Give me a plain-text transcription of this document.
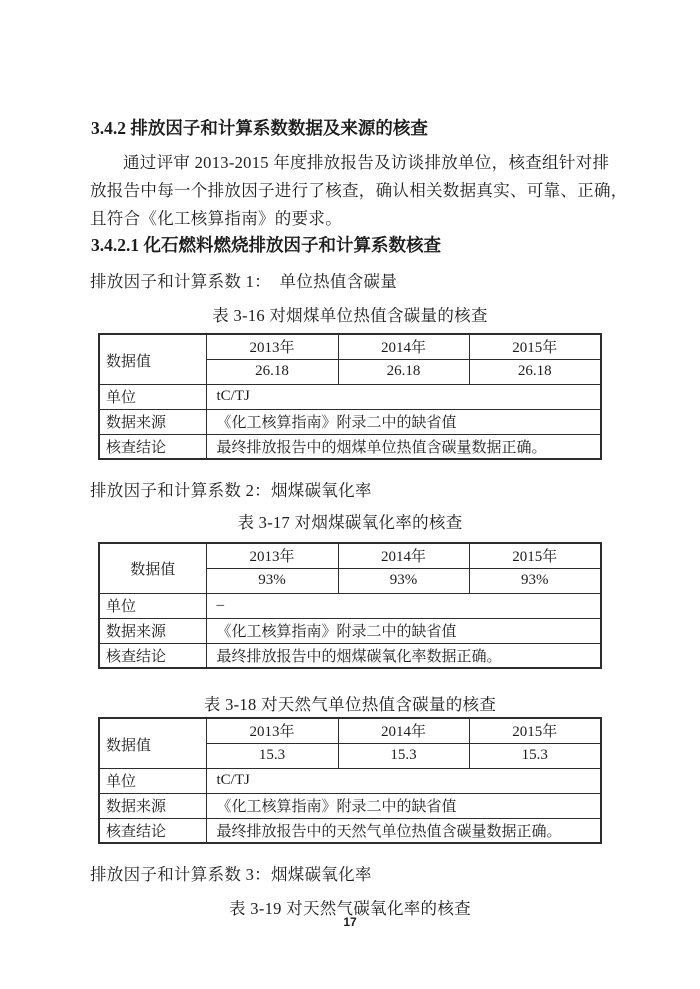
3.4.2 排放因子和计算系数数据及来源的核查
通过评审 2013-2015 年度排放报告及访谈排放单位，核查组针对排
放报告中每一个排放因子进行了核查，确认相关数据真实、可靠、正确，
且符合《化工核算指南》的要求。
3.4.2.1 化石燃料燃烧排放因子和计算系数核查
排放因子和计算系数 1：　单位热值含碳量
表 3-16 对烟煤单位热值含碳量的核查
数据值	2013年	2014年	2015年
	26.18	26.18	26.18
单位	tC/TJ		
数据来源	《化工核算指南》附录二中的缺省值		
核查结论	最终排放报告中的烟煤单位热值含碳量数据正确。		
排放因子和计算系数 2：烟煤碳氧化率
表 3-17 对烟煤碳氧化率的核查
数据值	2013年	2014年	2015年
	93%	93%	93%
单位	–		
数据来源	《化工核算指南》附录二中的缺省值		
核查结论	最终排放报告中的烟煤碳氧化率数据正确。		
表 3-18 对天然气单位热值含碳量的核查
数据值	2013年	2014年	2015年
	15.3	15.3	15.3
单位	tC/TJ		
数据来源	《化工核算指南》附录二中的缺省值		
核查结论	最终排放报告中的天然气单位热值含碳量数据正确。		
排放因子和计算系数 3：烟煤碳氧化率
表 3-19 对天然气碳氧化率的核查
17
